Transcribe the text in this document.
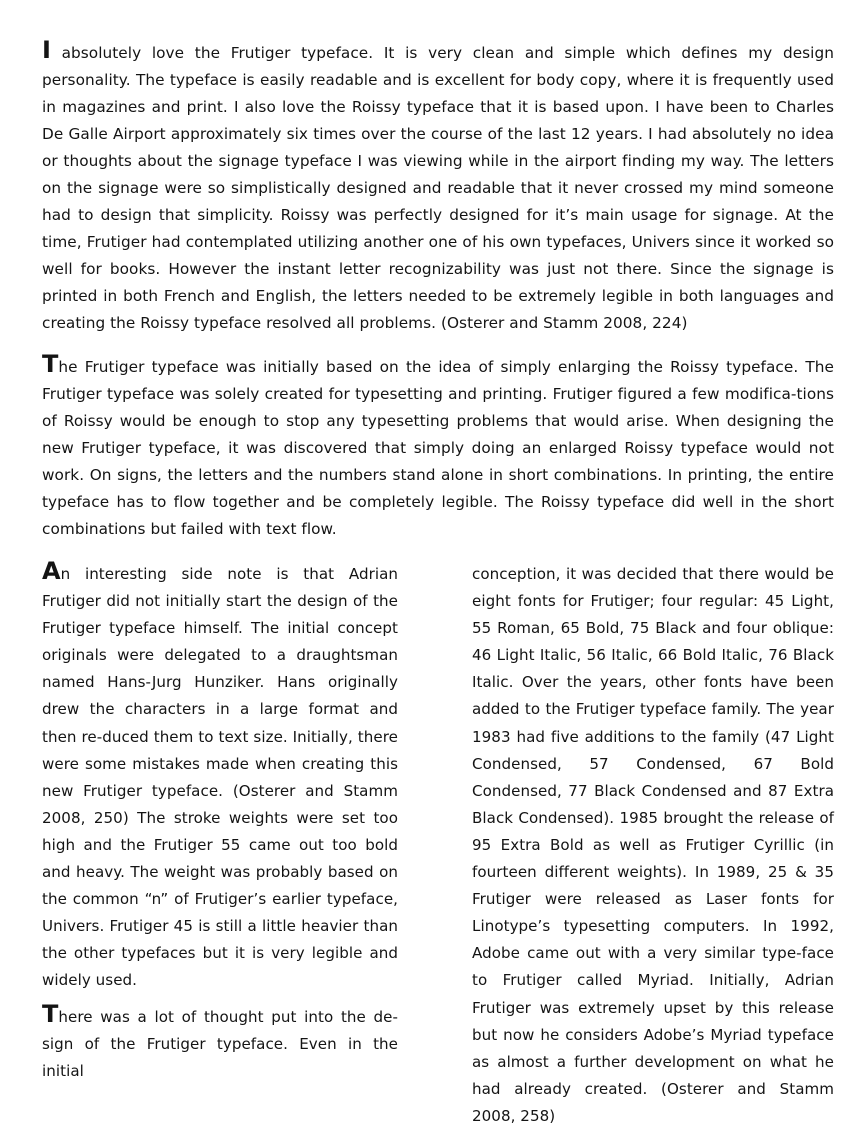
I absolutely love the Frutiger typeface. It is very clean and simple which defines my design personality. The typeface is easily readable and is excellent for body copy, where it is frequently used in magazines and print. I also love the Roissy typeface that it is based upon. I have been to Charles De Galle Airport approximately six times over the course of the last 12 years. I had absolutely no idea or thoughts about the signage typeface I was viewing while in the airport finding my way. The letters on the signage were so simplistically designed and readable that it never crossed my mind someone had to design that simplicity. Roissy was perfectly designed for it’s main usage for signage. At the time, Frutiger had contemplated utilizing another one of his own typefaces, Univers since it worked so well for books. However the instant letter recognizability was just not there. Since the signage is printed in both French and English, the letters needed to be extremely legible in both languages and creating the Roissy typeface resolved all problems. (Osterer and Stamm 2008, 224)

The Frutiger typeface was initially based on the idea of simply enlarging the Roissy typeface. The Frutiger typeface was solely created for typesetting and printing. Frutiger figured a few modifica-tions of Roissy would be enough to stop any typesetting problems that would arise. When designing the new Frutiger typeface, it was discovered that simply doing an enlarged Roissy typeface would not work. On signs, the letters and the numbers stand alone in short combinations. In printing, the entire typeface has to flow together and be completely legible. The Roissy typeface did well in the short combinations but failed with text flow.

An interesting side note is that Adrian Frutiger did not initially start the design of the Frutiger typeface himself. The initial concept originals were delegated to a draughtsman named Hans-Jurg Hunziker. Hans originally drew the characters in a large format and then re-duced them to text size. Initially, there were some mistakes made when creating this new Frutiger typeface. (Osterer and Stamm 2008, 250) The stroke weights were set too high and the Frutiger 55 came out too bold and heavy. The weight was probably based on the common “n” of Frutiger’s earlier typeface, Univers. Frutiger 45 is still a little heavier than the other typefaces but it is very legible and widely used.

There was a lot of thought put into the de-sign of the Frutiger typeface. Even in the initial

conception, it was decided that there would be eight fonts for Frutiger; four regular: 45 Light, 55 Roman, 65 Bold, 75 Black and four oblique: 46 Light Italic, 56 Italic, 66 Bold Italic, 76 Black Italic. Over the years, other fonts have been added to the Frutiger typeface family. The year 1983 had five additions to the family (47 Light Condensed, 57 Condensed, 67 Bold Condensed, 77 Black Condensed and 87 Extra Black Condensed). 1985 brought the release of 95 Extra Bold as well as Frutiger Cyrillic (in fourteen different weights). In 1989, 25 & 35 Frutiger were released as Laser fonts for Linotype’s typesetting computers. In 1992, Adobe came out with a very similar type-face to Frutiger called Myriad. Initially, Adrian Frutiger was extremely upset by this release but now he considers Adobe’s Myriad typeface as almost a further development on what he had already created. (Osterer and Stamm 2008, 258)
